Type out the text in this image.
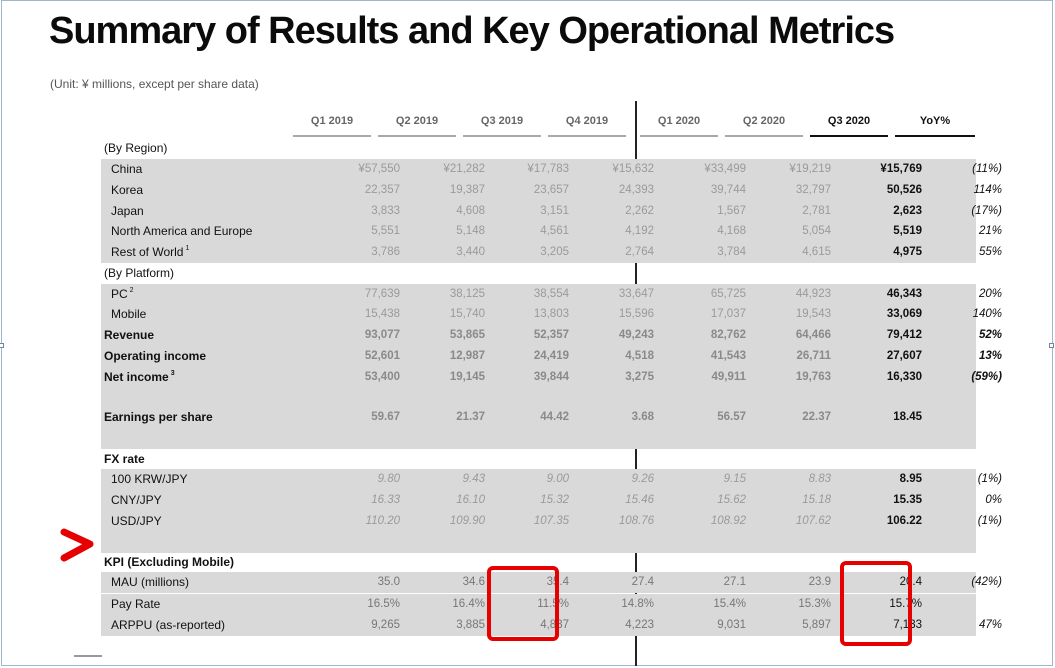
Summary of Results and Key Operational Metrics
(Unit: ¥ millions, except per share data)
Q1 2019	Q2 2019	Q3 2019	Q4 2019	Q1 2020	Q2 2020	Q3 2020	YoY%
(By Region)
China	¥57,550	¥21,282	¥17,783	¥15,632	¥33,499	¥19,219	¥15,769	(11%)
Korea	22,357	19,387	23,657	24,393	39,744	32,797	50,526	114%
Japan	3,833	4,608	3,151	2,262	1,567	2,781	2,623	(17%)
North America and Europe	5,551	5,148	4,561	4,192	4,168	5,054	5,519	21%
Rest of World $^1$	3,786	3,440	3,205	2,764	3,784	4,615	4,975	55%
(By Platform)
PC $^2$	77,639	38,125	38,554	33,647	65,725	44,923	46,343	20%
Mobile	15,438	15,740	13,803	15,596	17,037	19,543	33,069	140%
Revenue	93,077	53,865	52,357	49,243	82,762	64,466	79,412	52%
Operating income	52,601	12,987	24,419	4,518	41,543	26,711	27,607	13%
Net income $^3$	53,400	19,145	39,844	3,275	49,911	19,763	16,330	(59%)
Earnings per share	59.67	21.37	44.42	3.68	56.57	22.37	18.45
FX rate
100 KRW/JPY	9.80	9.43	9.00	9.26	9.15	8.83	8.95	(1%)
CNY/JPY	16.33	16.10	15.32	15.46	15.62	15.18	15.35	0%
USD/JPY	110.20	109.90	107.35	108.76	108.92	107.62	106.22	(1%)
KPI (Excluding Mobile)
MAU (millions)	35.0	34.6	35.4	27.4	27.1	23.9	20.4	(42%)
Pay Rate	16.5%	16.4%	11.5%	14.8%	15.4%	15.3%	15.7%
ARPPU (as-reported)	9,265	3,885	4,837	4,223	9,031	5,897	7,133	47%
